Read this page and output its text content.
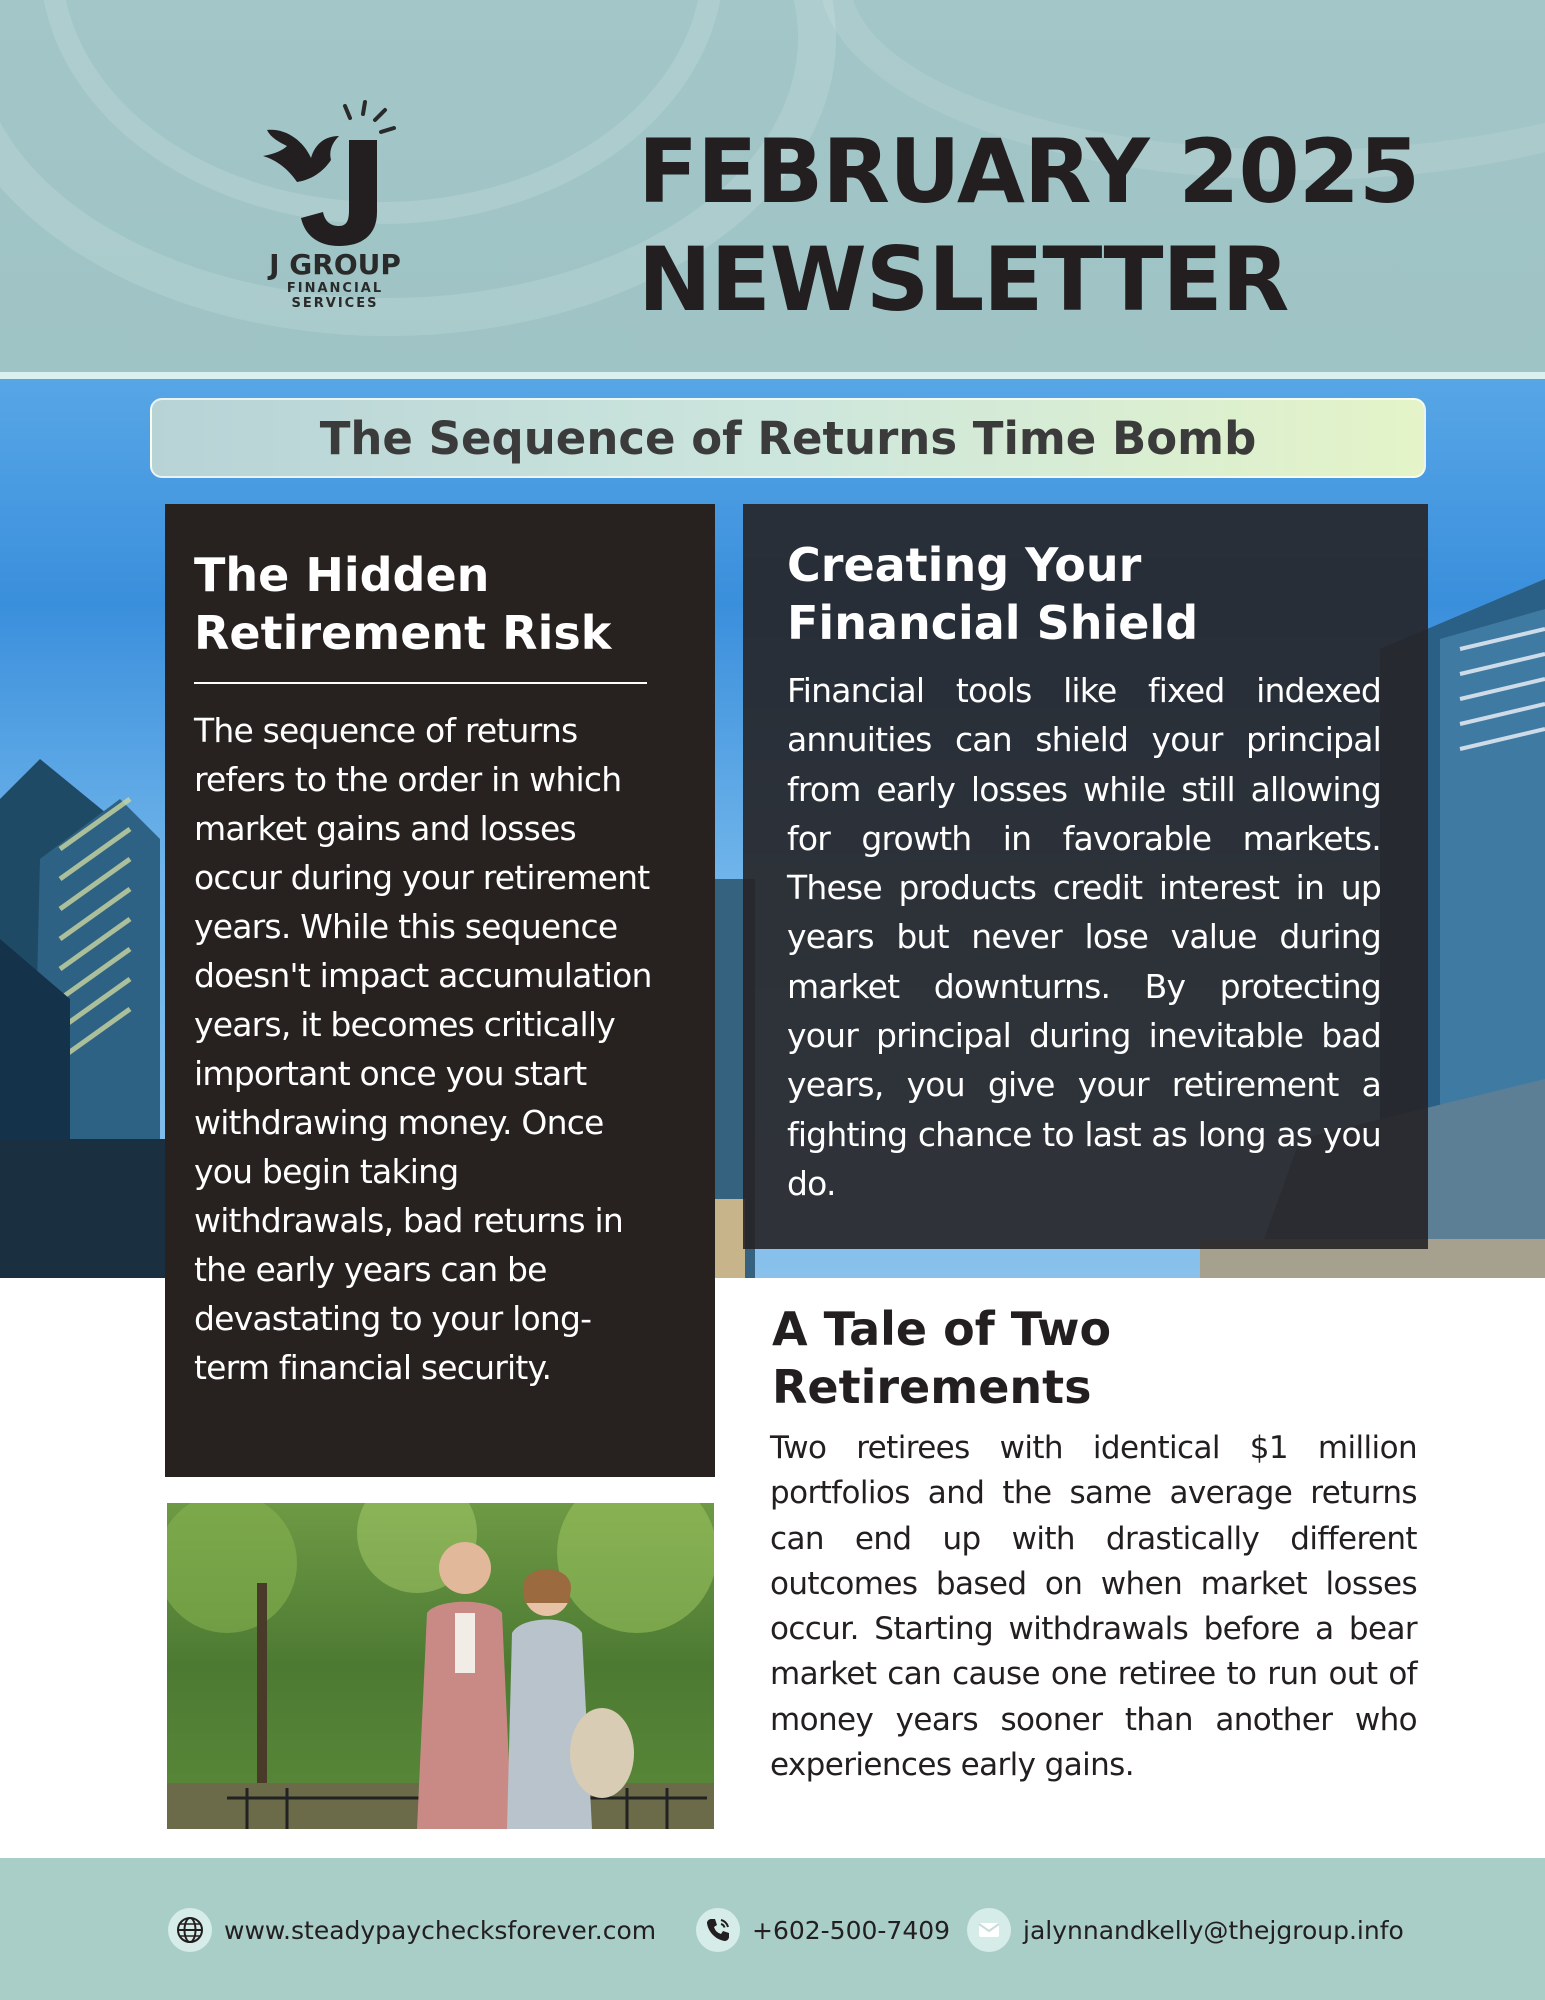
J GROUP
FINANCIAL
SERVICES
FEBRUARY 2025
NEWSLETTER
The Sequence of Returns Time Bomb
The Hidden Retirement Risk

The sequence of returns refers to the order in which market gains and losses occur during your retirement years. While this sequence doesn't impact accumulation years, it becomes critically important once you start withdrawing money. Once you begin taking withdrawals, bad returns in the early years can be devastating to your long-term financial security.

Creating Your Financial Shield

Financial tools like fixed indexed annuities can shield your principal from early losses while still allowing for growth in favorable markets. These products credit interest in up years but never lose value during market downturns. By protecting your principal during inevitable bad years, you give your retirement a fighting chance to last as long as you do.

A Tale of Two Retirements

Two retirees with identical $1 million portfolios and the same average returns can end up with drastically different outcomes based on when market losses occur. Starting withdrawals before a bear market can cause one retiree to run out of money years sooner than another who experiences early gains.

www.steadypaychecksforever.com	+602-500-7409	jalynnandkelly@thejgroup.info
